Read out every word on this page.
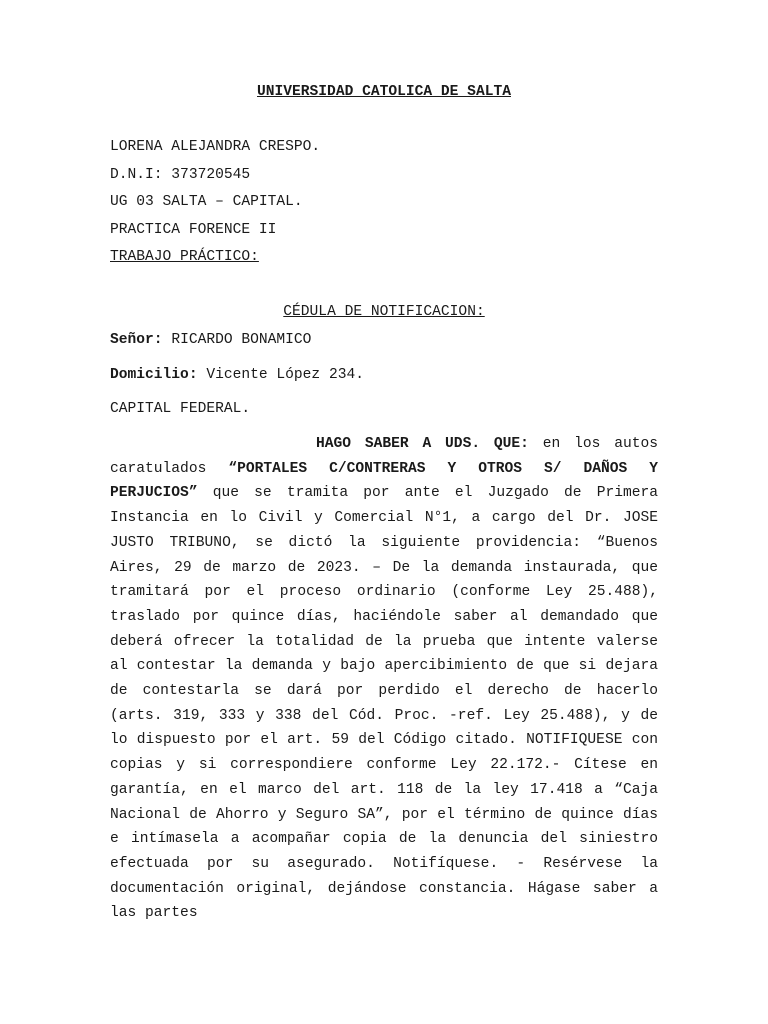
UNIVERSIDAD CATOLICA DE SALTA
LORENA ALEJANDRA CRESPO.
D.N.I: 373720545
UG 03 SALTA – CAPITAL.
PRACTICA FORENCE II
TRABAJO PRÁCTICO:
CÉDULA DE NOTIFICACION:
Señor: RICARDO BONAMICO
Domicilio: Vicente López 234.
CAPITAL FEDERAL.
HAGO SABER A UDS. QUE: en los autos caratulados “PORTALES C/CONTRERAS Y OTROS S/ DAÑOS Y PERJUCIOS” que se tramita por ante el Juzgado de Primera Instancia en lo Civil y Comercial N°1, a cargo del Dr. JOSE JUSTO TRIBUNO, se dictó la siguiente providencia: “Buenos Aires, 29 de marzo de 2023. – De la demanda instaurada, que tramitará por el proceso ordinario (conforme Ley 25.488), traslado por quince días, haciéndole saber al demandado que deberá ofrecer la totalidad de la prueba que intente valerse al contestar la demanda y bajo apercibimiento de que si dejara de contestarla se dará por perdido el derecho de hacerlo (arts. 319, 333 y 338 del Cód. Proc. -ref. Ley 25.488), y de lo dispuesto por el art. 59 del Código citado. NOTIFIQUESE con copias y si correspondiere conforme Ley 22.172.- Cítese en garantía, en el marco del art. 118 de la ley 17.418 a “Caja Nacional de Ahorro y Seguro SA”, por el término de quince días e intímasela a acompañar copia de la denuncia del siniestro efectuada por su asegurado. Notifíquese. - Resérvese la documentación original, dejándose constancia. Hágase saber a las partes
